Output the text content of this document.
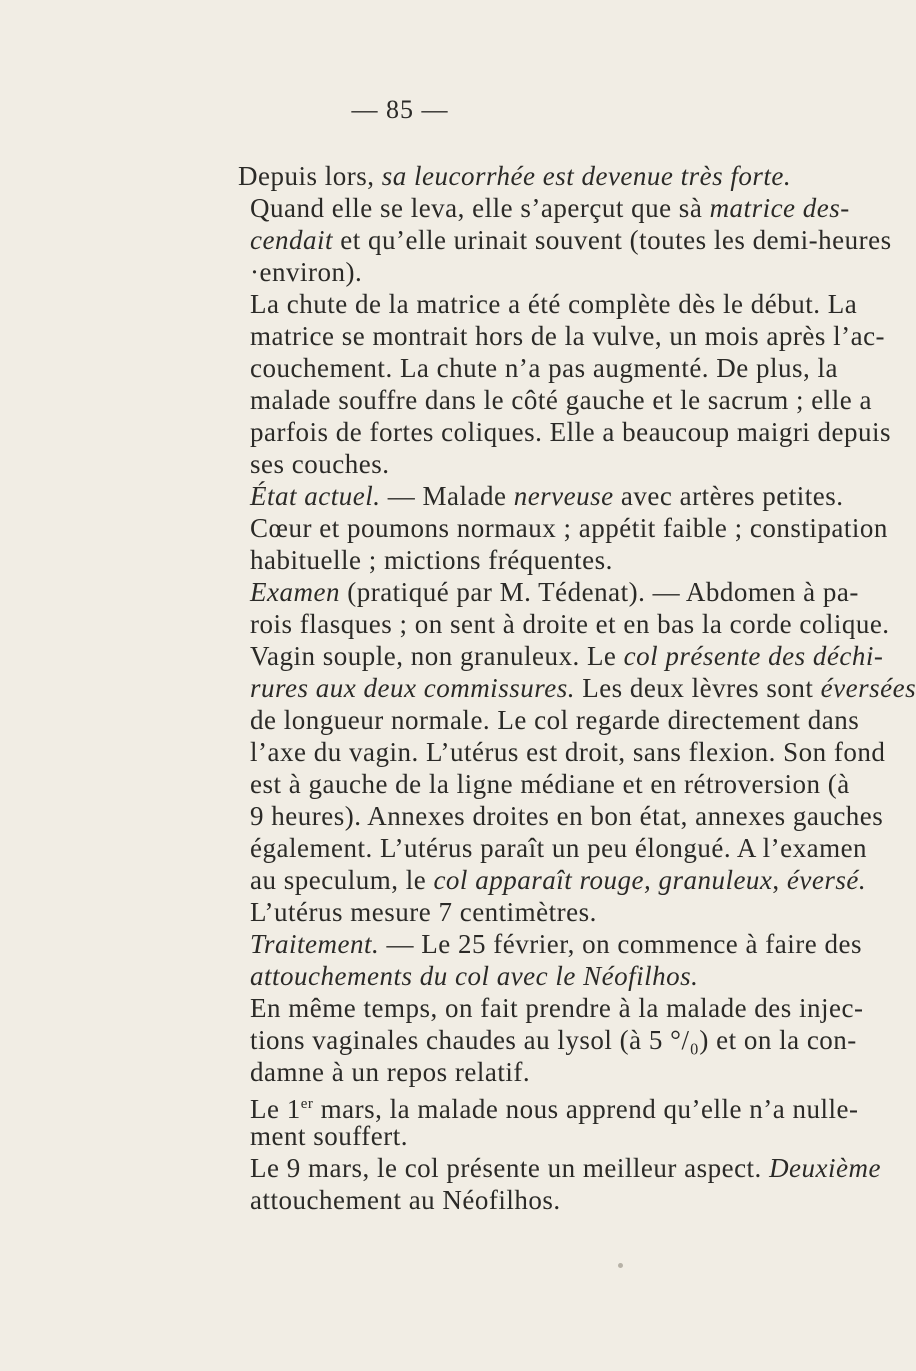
— 85 —
Depuis lors, sa leucorrhée est devenue très forte.
Quand elle se leva, elle s’aperçut que sà matrice des-
cendait et qu’elle urinait souvent (toutes les demi-heures
·environ).
La chute de la matrice a été complète dès le début. La
matrice se montrait hors de la vulve, un mois après l’ac-
couchement. La chute n’a pas augmenté. De plus, la
malade souffre dans le côté gauche et le sacrum ; elle a
parfois de fortes coliques. Elle a beaucoup maigri depuis
ses couches.
État actuel. — Malade nerveuse avec artères petites.
Cœur et poumons normaux ; appétit faible ; constipation
habituelle ; mictions fréquentes.
Examen (pratiqué par M. Tédenat). — Abdomen à pa-
rois flasques ; on sent à droite et en bas la corde colique.
Vagin souple, non granuleux. Le col présente des déchi-
rures aux deux commissures. Les deux lèvres sont éversées
de longueur normale. Le col regarde directement dans
l’axe du vagin. L’utérus est droit, sans flexion. Son fond
est à gauche de la ligne médiane et en rétroversion (à
9 heures). Annexes droites en bon état, annexes gauches
également. L’utérus paraît un peu élongué. A l’examen
au speculum, le col apparaît rouge, granuleux, éversé.
L’utérus mesure 7 centimètres.
Traitement. — Le 25 février, on commence à faire des
attouchements du col avec le Néofilhos.
En même temps, on fait prendre à la malade des injec-
tions vaginales chaudes au lysol (à 5 °/₀) et on la con-
damne à un repos relatif.
Le 1er mars, la malade nous apprend qu’elle n’a nulle-
ment souffert.
Le 9 mars, le col présente un meilleur aspect. Deuxième
attouchement au Néofilhos.
